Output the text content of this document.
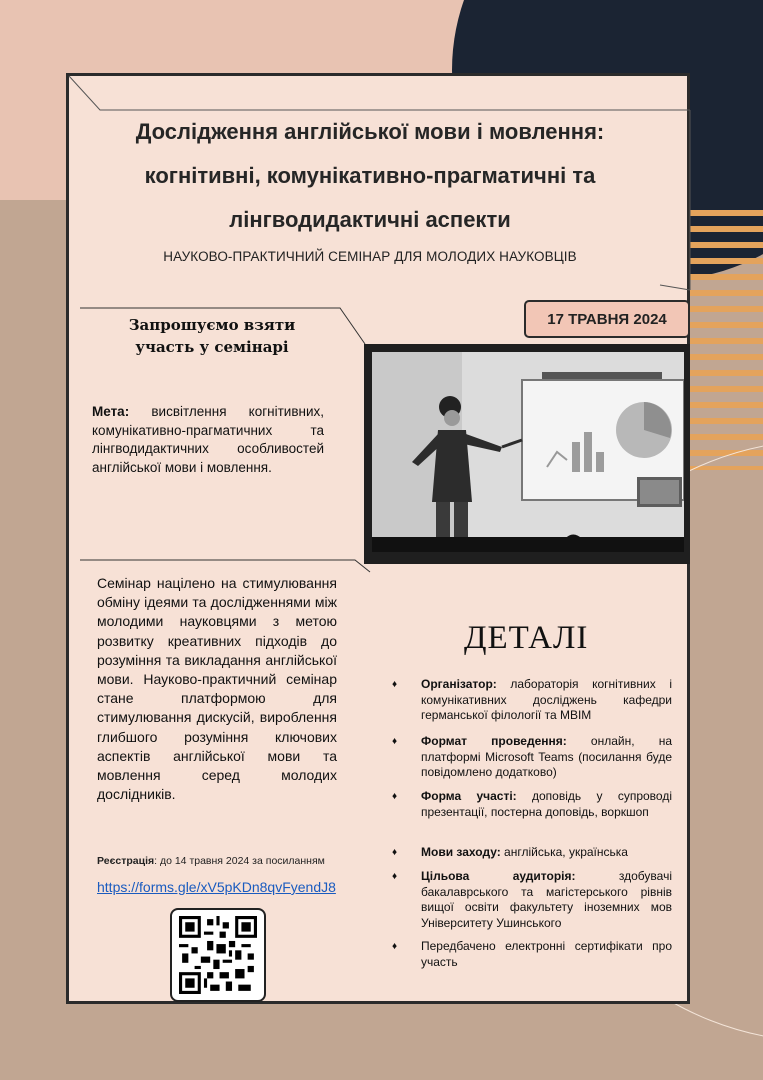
Дослідження англійської мови і мовлення:
когнітивні, комунікативно-прагматичні та
лінгводидактичні аспекти
НАУКОВО-ПРАКТИЧНИЙ СЕМІНАР ДЛЯ МОЛОДИХ НАУКОВЦІВ
17 ТРАВНЯ 2024
Запрошуємо взяти
участь у семінарі
Мета: висвітлення когнітивних, комунікативно-прагматичних та лінгводидактичних особливостей англійської мови і мовлення.
Семінар націлено на стимулювання обміну ідеями та дослідженнями між молодими науковцями з метою розвитку креативних підходів до розуміння та викладання англійської мови. Науково-практичний семінар стане платформою для стимулювання дискусій, вироблення глибшого розуміння ключових аспектів англійської мови та мовлення серед молодих дослідників.
Реєстрація: до 14 травня 2024 за посиланням
https://forms.gle/xV5pKDn8qvFyendJ8
ДЕТАЛІ
♦ Організатор: лабораторія когнітивних і комунікативних досліджень кафедри германської філології та МВІМ
♦ Формат проведення: онлайн, на платформі Microsoft Teams (посилання буде повідомлено додатково)
♦ Форма участі: доповідь у супроводі презентації, постерна доповідь, воркшоп
♦ Мови заходу: англійська, українська
♦ Цільова аудиторія: здобувачі бакалаврського та магістерського рівнів вищої освіти факультету іноземних мов Університету Ушинського
♦ Передбачено електронні сертифікати про участь
